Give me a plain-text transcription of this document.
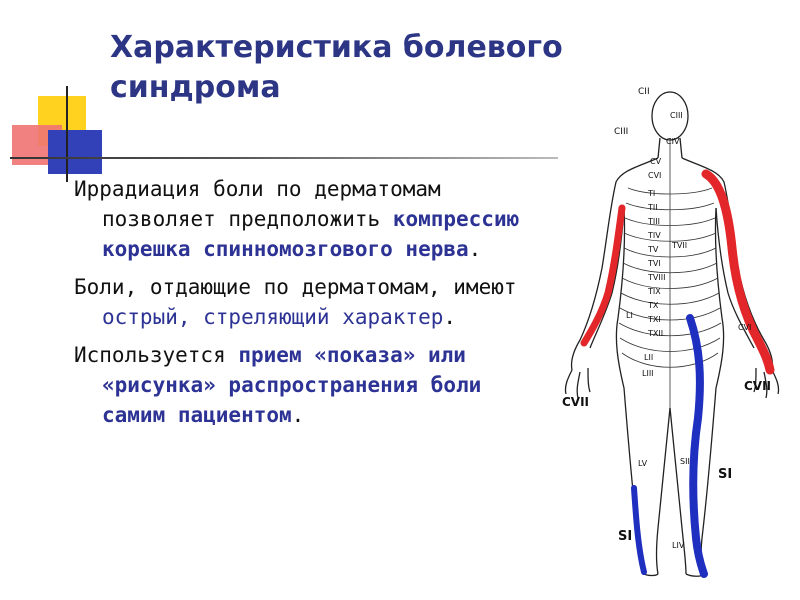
Характеристика болевого
синдрома

Иррадиация боли по дерматомам позволяет предположить компрессию корешка спинномозгового нерва.

Боли, отдающие по дерматомам, имеют острый, стреляющий характер.

Используется прием «показа» или «рисунка» распространения боли самим пациентом.

CII
CIII
CIII
CIV
CV
CVI
TI
TII
TIII
TIV
TV
TVI
TVII
TVIII
TIX
TX
TXI
TXII
LI
LII
LIII
LIV
LV	SII
CVI
CVII
CVII
SI
SI
